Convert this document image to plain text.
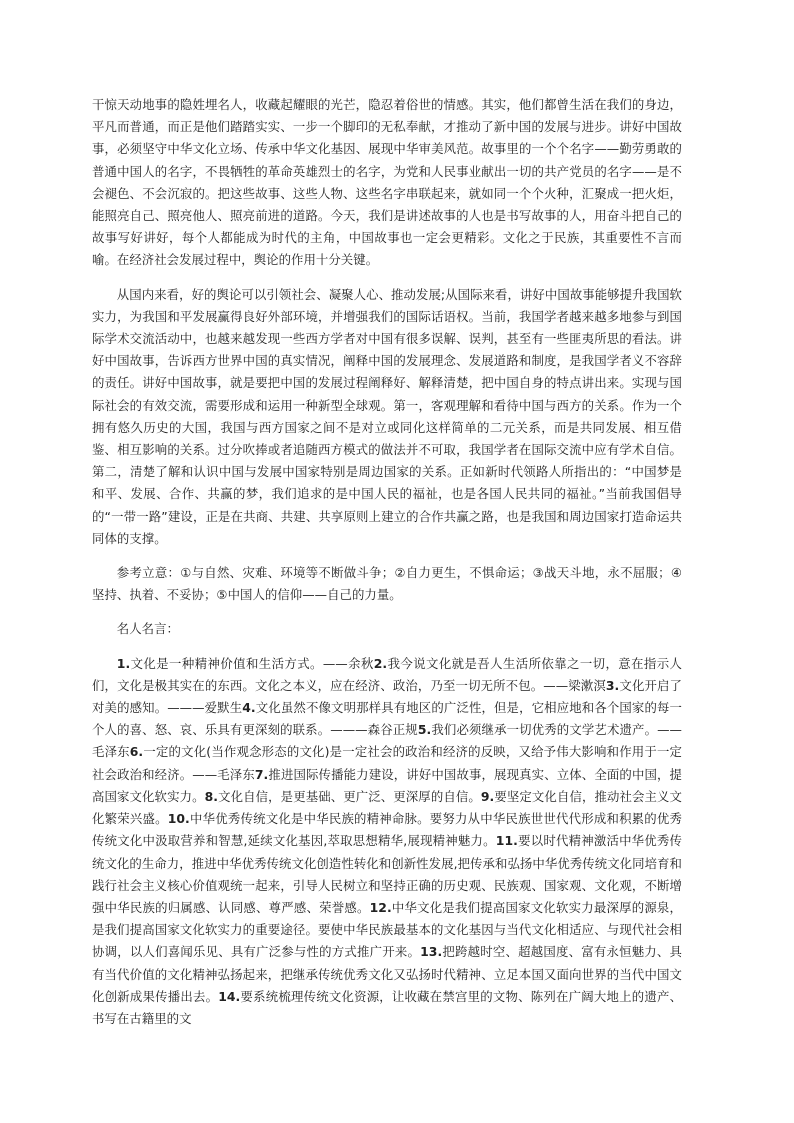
干惊天动地事的隐姓埋名人，收藏起耀眼的光芒，隐忍着俗世的情感。其实，他们都曾生活在我们的身边，平凡而普通，而正是他们踏踏实实、一步一个脚印的无私奉献，才推动了新中国的发展与进步。讲好中国故事，必须坚守中华文化立场、传承中华文化基因、展现中华审美风范。故事里的一个个名字——勤劳勇敢的普通中国人的名字，不畏牺牲的革命英雄烈士的名字，为党和人民事业献出一切的共产党员的名字——是不会褪色、不会沉寂的。把这些故事、这些人物、这些名字串联起来，就如同一个个火种，汇聚成一把火炬，能照亮自己、照亮他人、照亮前进的道路。今天，我们是讲述故事的人也是书写故事的人，用奋斗把自己的故事写好讲好，每个人都能成为时代的主角，中国故事也一定会更精彩。文化之于民族，其重要性不言而喻。在经济社会发展过程中，舆论的作用十分关键。

从国内来看，好的舆论可以引领社会、凝聚人心、推动发展;从国际来看，讲好中国故事能够提升我国软实力，为我国和平发展赢得良好外部环境，并增强我们的国际话语权。当前，我国学者越来越多地参与到国际学术交流活动中，也越来越发现一些西方学者对中国有很多误解、误判，甚至有一些匪夷所思的看法。讲好中国故事，告诉西方世界中国的真实情况，阐释中国的发展理念、发展道路和制度，是我国学者义不容辞的责任。讲好中国故事，就是要把中国的发展过程阐释好、解释清楚，把中国自身的特点讲出来。实现与国际社会的有效交流，需要形成和运用一种新型全球观。第一，客观理解和看待中国与西方的关系。作为一个拥有悠久历史的大国，我国与西方国家之间不是对立或同化这样简单的二元关系，而是共同发展、相互借鉴、相互影响的关系。过分吹捧或者追随西方模式的做法并不可取，我国学者在国际交流中应有学术自信。第二，清楚了解和认识中国与发展中国家特别是周边国家的关系。正如新时代领路人所指出的：“中国梦是和平、发展、合作、共赢的梦，我们追求的是中国人民的福祉，也是各国人民共同的福祉。”当前我国倡导的“一带一路”建设，正是在共商、共建、共享原则上建立的合作共赢之路，也是我国和周边国家打造命运共同体的支撑。

参考立意：①与自然、灾难、环境等不断做斗争；②自力更生，不惧命运；③战天斗地，永不屈服；④坚持、执着、不妥协；⑤中国人的信仰——自己的力量。

名人名言：

1.文化是一种精神价值和生活方式。——余秋2.我今说文化就是吾人生活所依靠之一切，意在指示人们，文化是极其实在的东西。文化之本义，应在经济、政治，乃至一切无所不包。——梁漱溟3.文化开启了对美的感知。———爱默生4.文化虽然不像文明那样具有地区的广泛性，但是，它相应地和各个国家的每一个人的喜、怒、哀、乐具有更深刻的联系。———森谷正规5.我们必须继承一切优秀的文学艺术遗产。——毛泽东6.一定的文化(当作观念形态的文化)是一定社会的政治和经济的反映，又给予伟大影响和作用于一定社会政治和经济。——毛泽东7.推进国际传播能力建设，讲好中国故事，展现真实、立体、全面的中国，提高国家文化软实力。8.文化自信，是更基础、更广泛、更深厚的自信。9.要坚定文化自信，推动社会主义文化繁荣兴盛。10.中华优秀传统文化是中华民族的精神命脉。要努力从中华民族世世代代形成和积累的优秀传统文化中汲取营养和智慧,延续文化基因,萃取思想精华,展现精神魅力。11.要以时代精神激活中华优秀传统文化的生命力，推进中华优秀传统文化创造性转化和创新性发展,把传承和弘扬中华优秀传统文化同培育和践行社会主义核心价值观统一起来，引导人民树立和坚持正确的历史观、民族观、国家观、文化观，不断增强中华民族的归属感、认同感、尊严感、荣誉感。12.中华文化是我们提高国家文化软实力最深厚的源泉，是我们提高国家文化软实力的重要途径。要使中华民族最基本的文化基因与当代文化相适应、与现代社会相协调，以人们喜闻乐见、具有广泛参与性的方式推广开来。13.把跨越时空、超越国度、富有永恒魅力、具有当代价值的文化精神弘扬起来，把继承传统优秀文化又弘扬时代精神、立足本国又面向世界的当代中国文化创新成果传播出去。14.要系统梳理传统文化资源，让收藏在禁宫里的文物、陈列在广阔大地上的遗产、书写在古籍里的文
